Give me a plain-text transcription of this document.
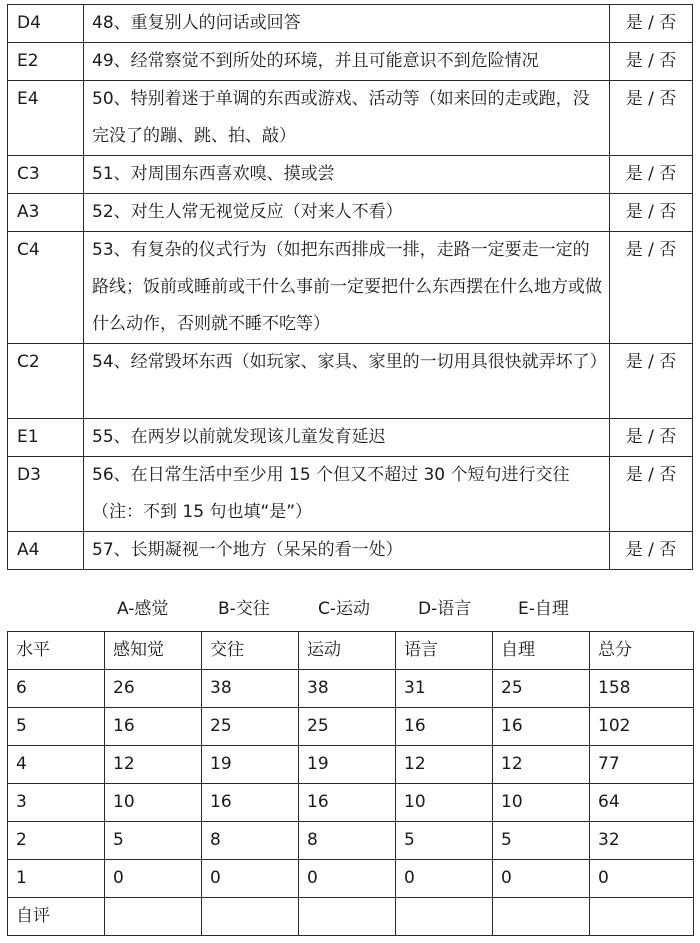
D4	48、重复别人的问话或回答	是 / 否
E2	49、经常察觉不到所处的环境，并且可能意识不到危险情况	是 / 否
E4	50、特别着迷于单调的东西或游戏、活动等（如来回的走或跑，没完没了的蹦、跳、拍、敲）	是 / 否
C3	51、对周围东西喜欢嗅、摸或尝	是 / 否
A3	52、对生人常无视觉反应（对来人不看）	是 / 否
C4	53、有复杂的仪式行为（如把东西排成一排，走路一定要走一定的路线；饭前或睡前或干什么事前一定要把什么东西摆在什么地方或做什么动作，否则就不睡不吃等）	是 / 否
C2	54、经常毁坏东西（如玩家、家具、家里的一切用具很快就弄坏了）	是 / 否
E1	55、在两岁以前就发现该儿童发育延迟	是 / 否
D3	56、在日常生活中至少用 15 个但又不超过 30 个短句进行交往（注：不到 15 句也填“是”）	是 / 否
A4	57、长期凝视一个地方（呆呆的看一处）	是 / 否
A-感觉	B-交往	C-运动	D-语言	E-自理
水平	感知觉	交往	运动	语言	自理	总分
6	26	38	38	31	25	158
5	16	25	25	16	16	102
4	12	19	19	12	12	77
3	10	16	16	10	10	64
2	5	8	8	5	5	32
1	0	0	0	0	0	0
自评						
